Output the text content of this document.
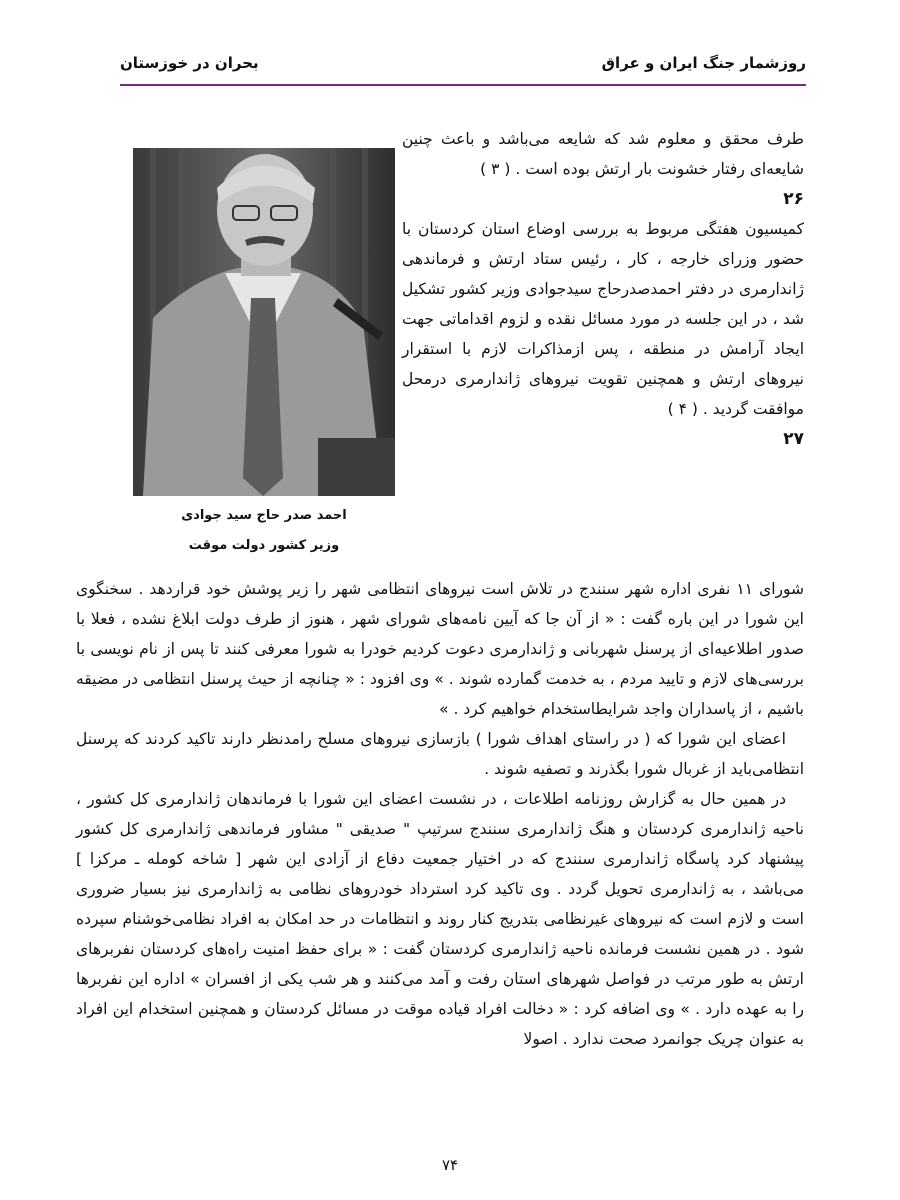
روزشمار جنگ ایران و عراق
بحران در خوزستان
احمد صدر حاج سید جوادی
وزیر کشور دولت موقت

طرف محقق و معلوم شد که شایعه می‌باشد و باعث چنین شایعه‌ای رفتار خشونت بار ارتش بوده است . ( ۳ )

۲۶

کمیسیون هفتگی مربوط به بررسی اوضاع استان کردستان با حضور وزرای خارجه ، کار ، رئیس ستاد ارتش و فرماندهی ژاندارمری در دفتر احمدصدرحاج سیدجوادی وزیر کشور تشکیل شد ، در این جلسه در مورد مسائل نقده و لزوم اقداماتی جهت ایجاد آرامش در منطقه ، پس ازمذاکرات لازم با استقرار نیروهای ارتش و همچنین تقویت نیروهای ژاندارمری درمحل موافقت گردید . ( ۴ )

۲۷

شورای ۱۱ نفری اداره شهر سنندج در تلاش است نیروهای انتظامی شهر را زیر پوشش خود قراردهد . سخنگوی این شورا در این باره گفت : « از آن جا که آیین نامه‌های شورای شهر ، هنوز از طرف دولت ابلاغ نشده ، فعلا با صدور اطلاعیه‌ای از پرسنل شهربانی و ژاندارمری دعوت کردیم خودرا به شورا معرفی کنند تا پس از نام نویسی با بررسی‌های لازم و تایید مردم ، به خدمت گمارده شوند . » وی افزود : « چنانچه از حیث پرسنل انتظامی در مضیقه باشیم ، از پاسداران واجد شرایطاستخدام خواهیم کرد . »

اعضای این شورا که ( در راستای اهداف شورا ) بازسازی نیروهای مسلح رامدنظر دارند تاکید کردند که پرسنل انتظامی‌باید از غربال شورا بگذرند و تصفیه شوند .

در همین حال به گزارش روزنامه اطلاعات ، در نشست اعضای این شورا با فرماندهان ژاندارمری کل کشور ، ناحیه ژاندارمری کردستان و هنگ ژاندارمری سنندج سرتیپ " صدیقی " مشاور فرماندهی ژاندارمری کل کشور پیشنهاد کرد پاسگاه ژاندارمری سنندج که در اختیار جمعیت دفاع از آزادی این شهر [ شاخه کومله ـ مرکزا ] می‌باشد ، به ژاندارمری تحویل گردد . وی تاکید کرد استرداد خودروهای نظامی به ژاندارمری نیز بسیار ضروری است و لازم است که نیروهای غیرنظامی بتدریج کنار روند و انتظامات در حد امکان به افراد نظامی‌خوشنام سپرده شود . در همین نشست فرمانده ناحیه ژاندارمری کردستان گفت : « برای حفظ امنیت راه‌های کردستان نفربرهای ارتش به طور مرتب در فواصل شهرهای استان رفت و آمد می‌کنند و هر شب یکی از افسران » اداره این نفربرها را به عهده دارد . » وی اضافه کرد : « دخالت افراد قیاده موقت در مسائل کردستان و همچنین استخدام این افراد به عنوان چریک جوانمرد صحت ندارد . اصولا

۷۴
